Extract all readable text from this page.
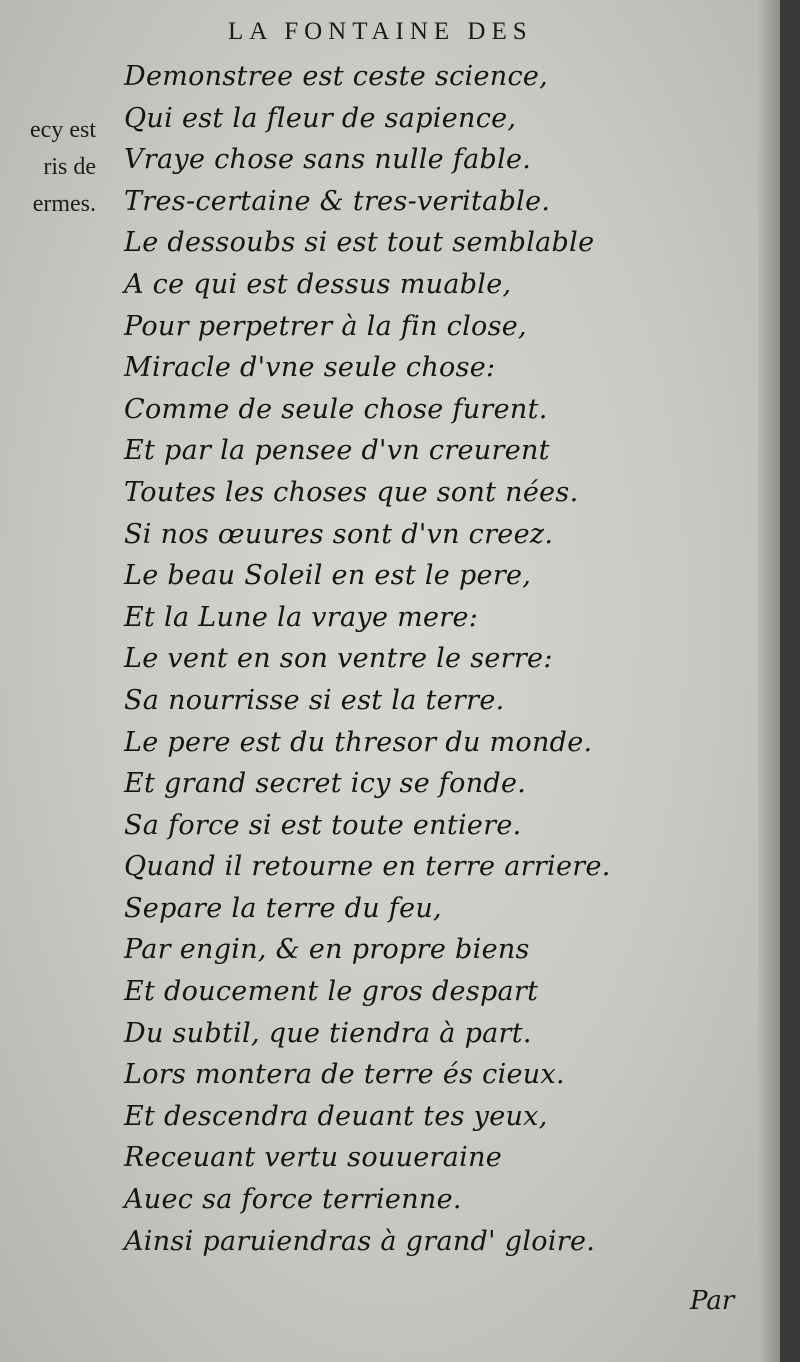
LA FONTAINE DES
ecy est
ris de
ermes.
Demonstree est ceste science,
Qui est la fleur de sapience,
Vraye chose sans nulle fable.
Tres-certaine & tres-veritable.
Le dessoubs si est tout semblable
A ce qui est dessus muable,
Pour perpetrer à la fin close,
Miracle d'vne seule chose:
Comme de seule chose furent.
Et par la pensee d'vn creurent
Toutes les choses que sont nées.
Si nos œuures sont d'vn creez.
Le beau Soleil en est le pere,
Et la Lune la vraye mere:
Le vent en son ventre le serre:
Sa nourrisse si est la terre.
Le pere est du thresor du monde.
Et grand secret icy se fonde.
Sa force si est toute entiere.
Quand il retourne en terre arriere.
Separe la terre du feu,
Par engin, & en propre biens
Et doucement le gros despart
Du subtil, que tiendra à part.
Lors montera de terre és cieux.
Et descendra deuant tes yeux,
Receuant vertu souueraine
Auec sa force terrienne.
Ainsi paruiendras à grand' gloire.
Par
